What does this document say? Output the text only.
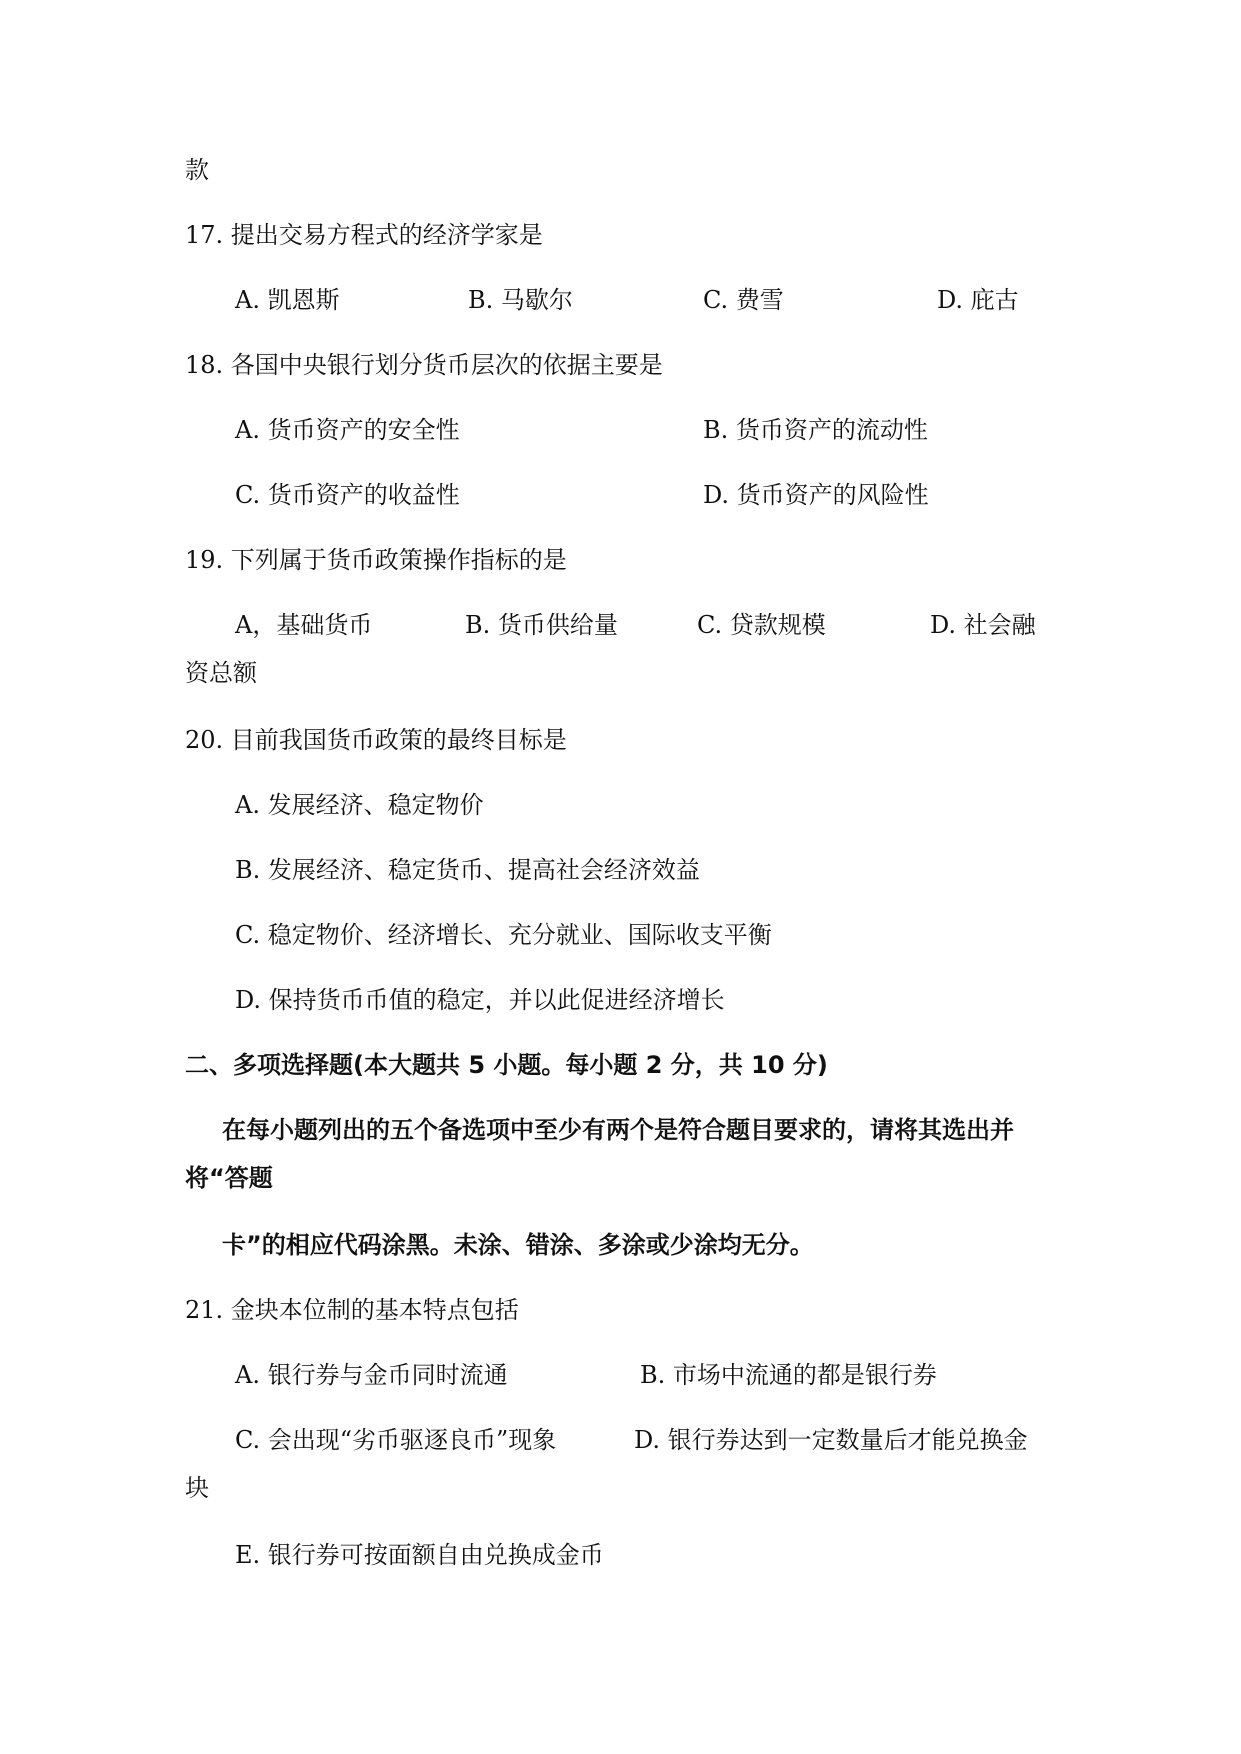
款
17. 提出交易方程式的经济学家是
A. 凯恩斯	B. 马歇尔	C. 费雪	D. 庇古
18. 各国中央银行划分货币层次的依据主要是
A. 货币资产的安全性	B. 货币资产的流动性
C. 货币资产的收益性	D. 货币资产的风险性
19. 下列属于货币政策操作指标的是
A，基础货币	B. 货币供给量	C. 贷款规模	D. 社会融
资总额
20. 目前我国货币政策的最终目标是
A. 发展经济、稳定物价
B. 发展经济、稳定货币、提高社会经济效益
C. 稳定物价、经济增长、充分就业、国际收支平衡
D. 保持货币币值的稳定，并以此促进经济增长
二、多项选择题(本大题共 5 小题。每小题 2 分，共 10 分)
在每小题列出的五个备选项中至少有两个是符合题目要求的，请将其选出并
将“答题
卡”的相应代码涂黑。未涂、错涂、多涂或少涂均无分。
21. 金块本位制的基本特点包括
A. 银行券与金币同时流通	B. 市场中流通的都是银行券
C. 会出现“劣币驱逐良币”现象	D. 银行券达到一定数量后才能兑换金
块
E. 银行券可按面额自由兑换成金币
